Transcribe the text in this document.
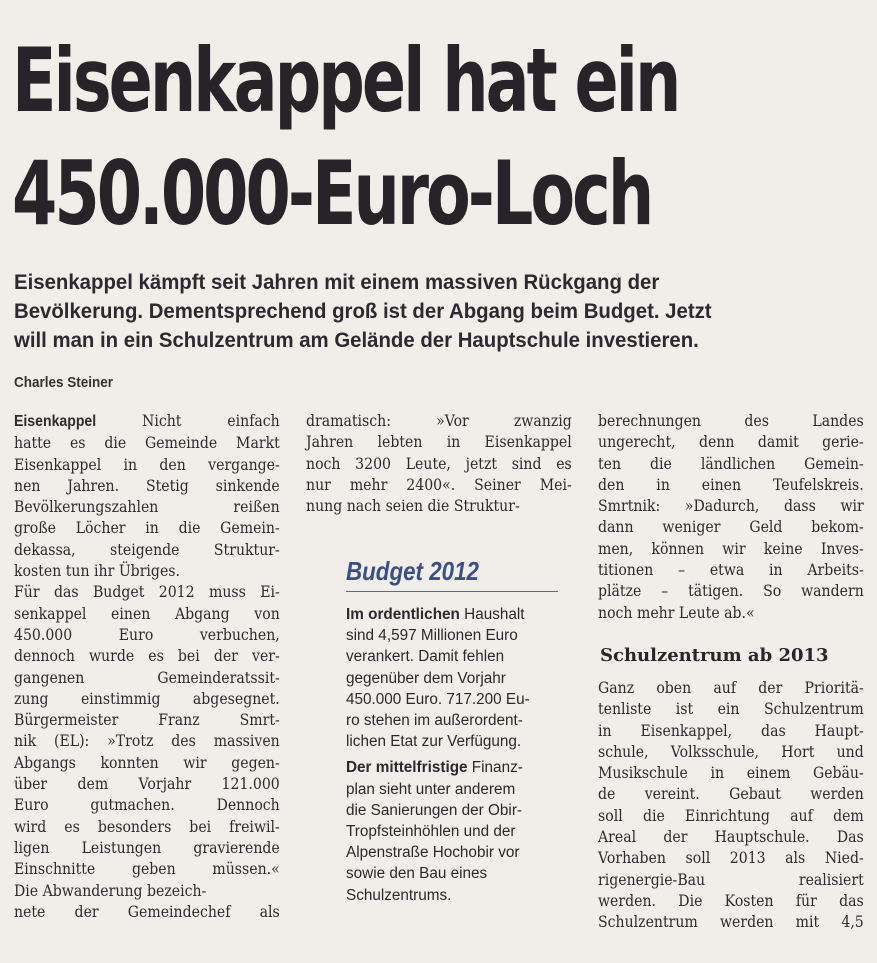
Eisenkappel hat ein
450.000-Euro-Loch

Eisenkappel kämpft seit Jahren mit einem massiven Rückgang der
Bevölkerung. Dementsprechend groß ist der Abgang beim Budget. Jetzt
will man in ein Schulzentrum am Gelände der Hauptschule investieren.

Charles Steiner
Eisenkappel Nicht einfach
hatte es die Gemeinde Markt
Eisenkappel in den vergange-
nen Jahren. Stetig sinkende
Bevölkerungszahlen reißen
große Löcher in die Gemein-
dekassa, steigende Struktur-
kosten tun ihr Übriges.
Für das Budget 2012 muss Ei-
senkappel einen Abgang von
450.000 Euro verbuchen,
dennoch wurde es bei der ver-
gangenen Gemeinderatssit-
zung einstimmig abgesegnet.
Bürgermeister Franz Smrt-
nik (EL): »Trotz des massiven
Abgangs konnten wir gegen-
über dem Vorjahr 121.000
Euro gutmachen. Dennoch
wird es besonders bei freiwil-
ligen Leistungen gravierende
Einschnitte geben müssen.«
Die Abwanderung bezeich-
nete der Gemeindechef als
dramatisch: »Vor zwanzig
Jahren lebten in Eisenkappel
noch 3200 Leute, jetzt sind es
nur mehr 2400«. Seiner Mei-
nung nach seien die Struktur-
Budget 2012
Im ordentlichen Haushalt
sind 4,597 Millionen Euro
verankert. Damit fehlen
gegenüber dem Vorjahr
450.000 Euro. 717.200 Eu-
ro stehen im außerordent-
lichen Etat zur Verfügung.
Der mittelfristige Finanz-
plan sieht unter anderem
die Sanierungen der Obir-
Tropfsteinhöhlen und der
Alpenstraße Hochobir vor
sowie den Bau eines
Schulzentrums.
berechnungen des Landes
ungerecht, denn damit gerie-
ten die ländlichen Gemein-
den in einen Teufelskreis.
Smrtnik: »Dadurch, dass wir
dann weniger Geld bekom-
men, können wir keine Inves-
titionen – etwa in Arbeits-
plätze – tätigen. So wandern
noch mehr Leute ab.«
Schulzentrum ab 2013
Ganz oben auf der Prioritä-
tenliste ist ein Schulzentrum
in Eisenkappel, das Haupt-
schule, Volksschule, Hort und
Musikschule in einem Gebäu-
de vereint. Gebaut werden
soll die Einrichtung auf dem
Areal der Hauptschule. Das
Vorhaben soll 2013 als Nied-
rigenergie-Bau realisiert
werden. Die Kosten für das
Schulzentrum werden mit 4,5
